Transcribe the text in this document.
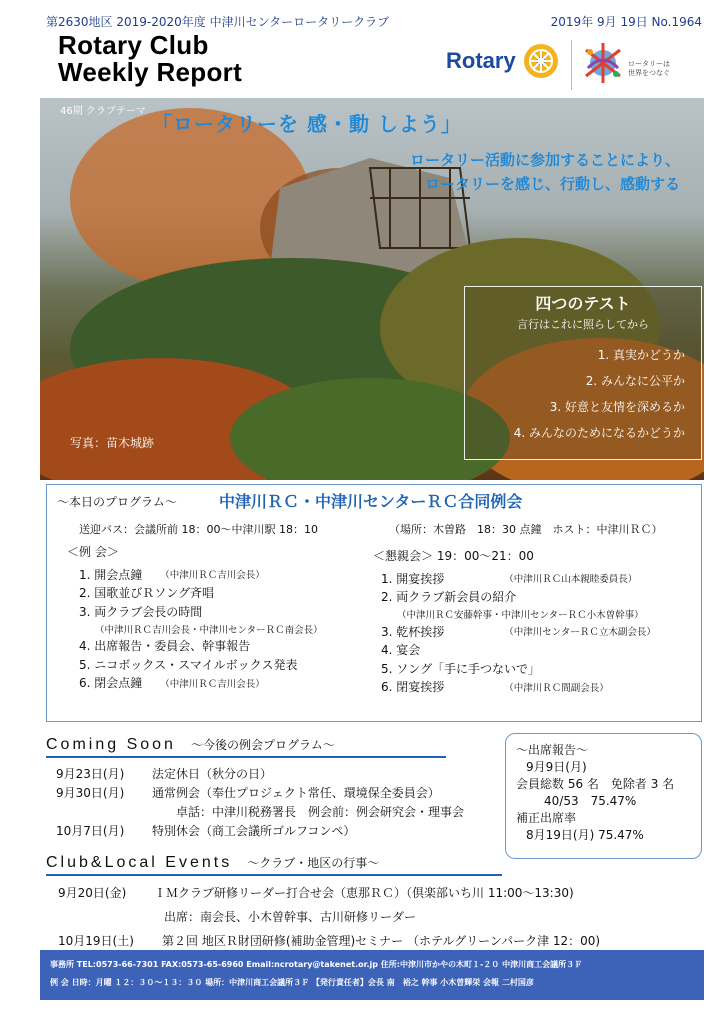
第2630地区 2019-2020年度 中津川センターロータリークラブ	2019年 9月 19日 No.1964
Rotary Club
Weekly Report	Rotary	ロータリーは
世界をつなぐ
46期 クラブテーマ
「ロータリーを 感・動 しよう」
ロータリー活動に参加することにより、
ロータリーを感じ、行動し、感動する
写真：苗木城跡
四つのテスト
言行はこれに照らしてから
1. 真実かどうか
2. みんなに公平か
3. 好意と友情を深めるか
4. みんなのためになるかどうか
～本日のプログラム～	中津川ＲＣ・中津川センターＲＣ合同例会
送迎バス：会議所前 18：00～中津川駅 18：10	（場所：木曽路　18：30 点鐘　ホスト：中津川ＲＣ）
＜例 会＞
1. 開会点鐘 （中津川ＲＣ吉川会長）
2. 国歌並びＲソング斉唱
3. 両クラブ会長の時間
（中津川ＲＣ吉川会長・中津川センターＲＣ南会長）
4. 出席報告・委員会、幹事報告
5. ニコボックス・スマイルボックス発表
6. 閉会点鐘 （中津川ＲＣ吉川会長）
＜懇親会＞ 19：00～21：00
1. 開宴挨拶	（中津川ＲＣ山本親睦委員長）
2. 両クラブ新会員の紹介
（中津川ＲＣ安藤幹事・中津川センターＲＣ小木曽幹事）
3. 乾杯挨拶	（中津川センターＲＣ立木副会長）
4. 宴会
5. ソング「手に手つないで」
6. 閉宴挨拶	（中津川ＲＣ間副会長）
Coming Soon ～今後の例会プログラム～
9月23日(月)	法定休日（秋分の日）
9月30日(月)	通常例会（奉仕プロジェクト常任、環境保全委員会）
卓話：中津川税務署長　例会前：例会研究会・理事会
10月7日(月)	特別休会（商工会議所ゴルフコンペ）
～出席報告～
9月9日(月)
会員総数 56 名　免除者 3 名
40/53　75.47%
補正出席率
8月19日(月) 75.47%
Club&Local Events ～クラブ・地区の行事～
9月20日(金)	ＩＭクラブ研修リーダー打合せ会（恵那ＲＣ）（倶楽部いち川 11:00～13:30)
出席：南会長、小木曽幹事、古川研修リーダー
10月19日(土)	第２回 地区Ｒ財団研修(補助金管理)セミナー （ホテルグリーンパーク津 12：00)
事務所 TEL:0573-66-7301 FAX:0573-65-6960 Email:ncrotary@takenet.or.jp 住所:中津川市かやの木町１-２０ 中津川商工会議所３Ｆ
例 会 日時：月曜 １２：３０～１３：３０ 場所：中津川商工会議所３Ｆ 【発行責任者】会長 南　裕之 幹事 小木曽輝栄 会報 二村国彦
